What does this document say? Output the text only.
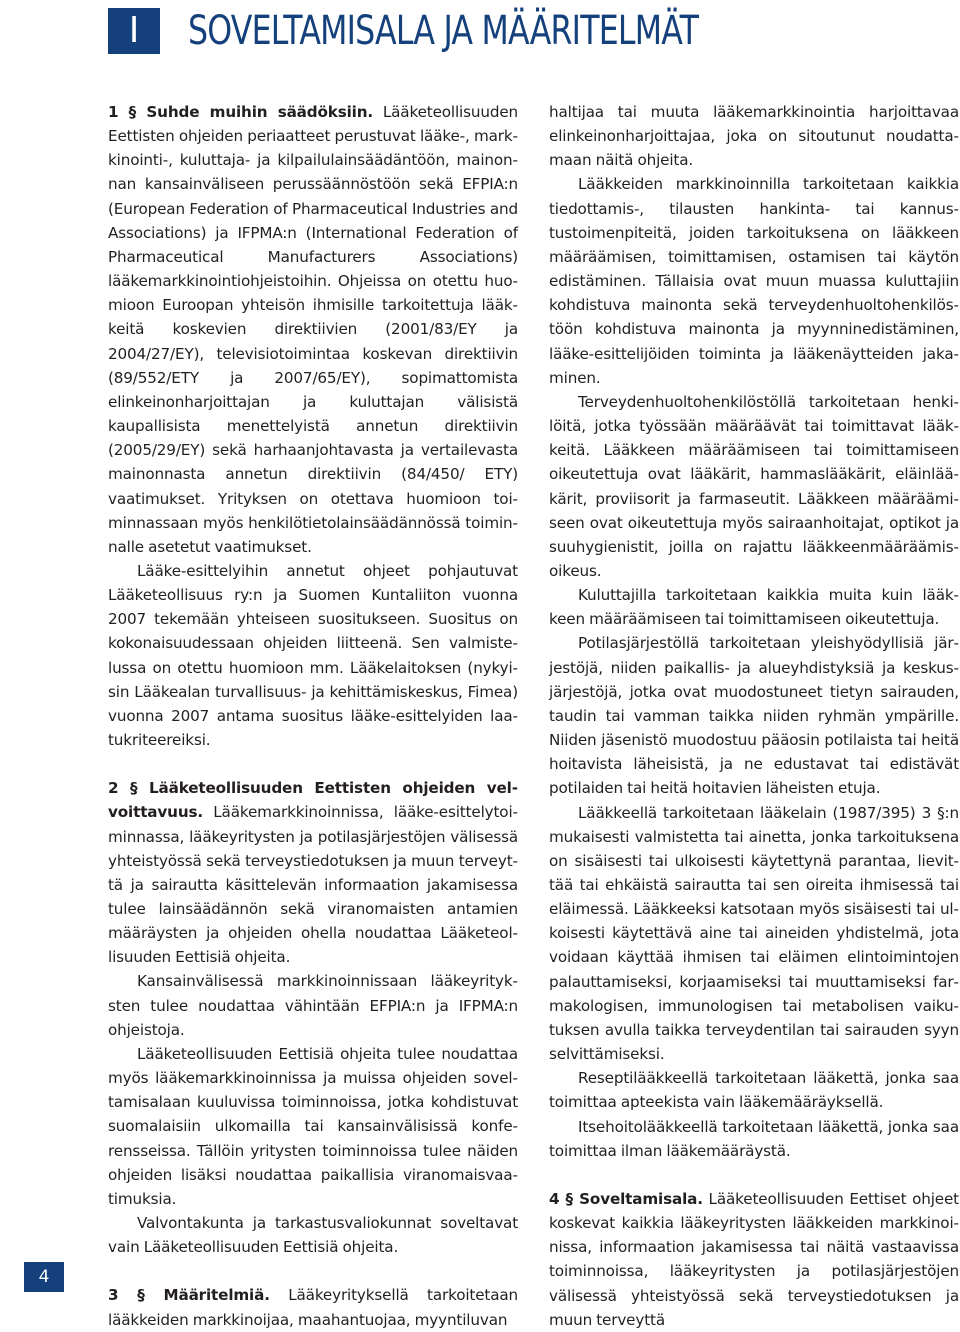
I SOVELTAMISALA JA MÄÄRITELMÄT

1 § Suhde muihin säädöksiin. Lääketeollisuuden Eettisten ohjeiden periaatteet perustuvat lääke-, markkinointi-, kuluttaja- ja kilpailulainsäädäntöön, mainonnan kansainväliseen perussäännöstöön sekä EFPIA:n (European Federation of Pharmaceutical Industries and Associations) ja IFPMA:n (International Federation of Pharmaceutical Manufacturers Associations) lääkemarkkinointiohjeistoihin. Ohjeissa on otettu huomioon Euroopan yhteisön ihmisille tarkoitettuja lääkkeitä koskevien direktiivien (2001/83/EY ja 2004/27/EY), televisiotoimintaa koskevan direktiivin (89/552/ETY ja 2007/65/EY), sopimattomista elinkeinonharjoittajan ja kuluttajan välisistä kaupallisista menettelyistä annetun direktiivin (2005/29/EY) sekä harhaanjohtavasta ja vertailevasta mainonnasta annetun direktiivin (84/450/ ETY) vaatimukset. Yrityksen on otettava huomioon toiminnassaan myös henkilötietolainsäädännössä toiminnalle asetetut vaatimukset.

Lääke-esittelyihin annetut ohjeet pohjautuvat Lääketeollisuus ry:n ja Suomen Kuntaliiton vuonna 2007 tekemään yhteiseen suositukseen. Suositus on kokonaisuudessaan ohjeiden liitteenä. Sen valmistelussa on otettu huomioon mm. Lääkelaitoksen (nykyisin Lääkealan turvallisuus- ja kehittämiskeskus, Fimea) vuonna 2007 antama suositus lääke-esittelyiden laatukriteereiksi.

2 § Lääketeollisuuden Eettisten ohjeiden velvoittavuus. Lääkemarkkinoinnissa, lääke-esittelytoiminnassa, lääkeyritysten ja potilasjärjestöjen välisessä yhteistyössä sekä terveystiedotuksen ja muun terveyttä ja sairautta käsittelevän informaation jakamisessa tulee lainsäädännön sekä viranomaisten antamien määräysten ja ohjeiden ohella noudattaa Lääketeollisuuden Eettisiä ohjeita.

Kansainvälisessä markkinoinnissaan lääkeyrityksten tulee noudattaa vähintään EFPIA:n ja IFPMA:n ohjeistoja.

Lääketeollisuuden Eettisiä ohjeita tulee noudattaa myös lääkemarkkinoinnissa ja muissa ohjeiden soveltamisalaan kuuluvissa toiminnoissa, jotka kohdistuvat suomalaisiin ulkomailla tai kansainvälisissä konferensseissa. Tällöin yritysten toiminnoissa tulee näiden ohjeiden lisäksi noudattaa paikallisia viranomaisvaatimuksia.

Valvontakunta ja tarkastusvaliokunnat soveltavat vain Lääketeollisuuden Eettisiä ohjeita.

3 § Määritelmiä. Lääkeyrityksellä tarkoitetaan lääkkeiden markkinoijaa, maahantuojaa, myyntiluvan

haltijaa tai muuta lääkemarkkinointia harjoittavaa elinkeinonharjoittajaa, joka on sitoutunut noudattamaan näitä ohjeita.

Lääkkeiden markkinoinnilla tarkoitetaan kaikkia tiedottamis-, tilausten hankinta- tai kannustustoimenpiteitä, joiden tarkoituksena on lääkkeen määräämisen, toimittamisen, ostamisen tai käytön edistäminen. Tällaisia ovat muun muassa kuluttajiin kohdistuva mainonta sekä terveydenhuoltohenkilöstöön kohdistuva mainonta ja myynninedistäminen, lääke-esittelijöiden toiminta ja lääkenäytteiden jakaminen.

Terveydenhuoltohenkilöstöllä tarkoitetaan henkilöitä, jotka työssään määräävät tai toimittavat lääkkeitä. Lääkkeen määräämiseen tai toimittamiseen oikeutettuja ovat lääkärit, hammaslääkärit, eläinlääkärit, proviisorit ja farmaseutit. Lääkkeen määräämiseen ovat oikeutettuja myös sairaanhoitajat, optikot ja suuhygienistit, joilla on rajattu lääkkeenmääräämisoikeus.

Kuluttajilla tarkoitetaan kaikkia muita kuin lääkkeen määräämiseen tai toimittamiseen oikeutettuja.

Potilasjärjestöllä tarkoitetaan yleishyödyllisiä järjestöjä, niiden paikallis- ja alueyhdistyksiä ja keskusjärjestöjä, jotka ovat muodostuneet tietyn sairauden, taudin tai vamman taikka niiden ryhmän ympärille. Niiden jäsenistö muodostuu pääosin potilaista tai heitä hoitavista läheisistä, ja ne edustavat tai edistävät potilaiden tai heitä hoitavien läheisten etuja.

Lääkkeellä tarkoitetaan lääkelain (1987/395) 3 §:n mukaisesti valmistetta tai ainetta, jonka tarkoituksena on sisäisesti tai ulkoisesti käytettynä parantaa, lievittää tai ehkäistä sairautta tai sen oireita ihmisessä tai eläimessä. Lääkkeeksi katsotaan myös sisäisesti tai ulkoisesti käytettävä aine tai aineiden yhdistelmä, jota voidaan käyttää ihmisen tai eläimen elintoimintojen palauttamiseksi, korjaamiseksi tai muuttamiseksi farmakologisen, immunologisen tai metabolisen vaikutuksen avulla taikka terveydentilan tai sairauden syyn selvittämiseksi.

Reseptilääkkeellä tarkoitetaan lääkettä, jonka saa toimittaa apteekista vain lääkemääräyksellä.

Itsehoitolääkkeellä tarkoitetaan lääkettä, jonka saa toimittaa ilman lääkemääräystä.

4 § Soveltamisala. Lääketeollisuuden Eettiset ohjeet koskevat kaikkia lääkeyritysten lääkkeiden markkinoinissa, informaation jakamisessa tai näitä vastaavissa toiminnoissa, lääkeyritysten ja potilasjärjestöjen välisessä yhteistyössä sekä terveystiedotuksen ja muun terveyttä

4
